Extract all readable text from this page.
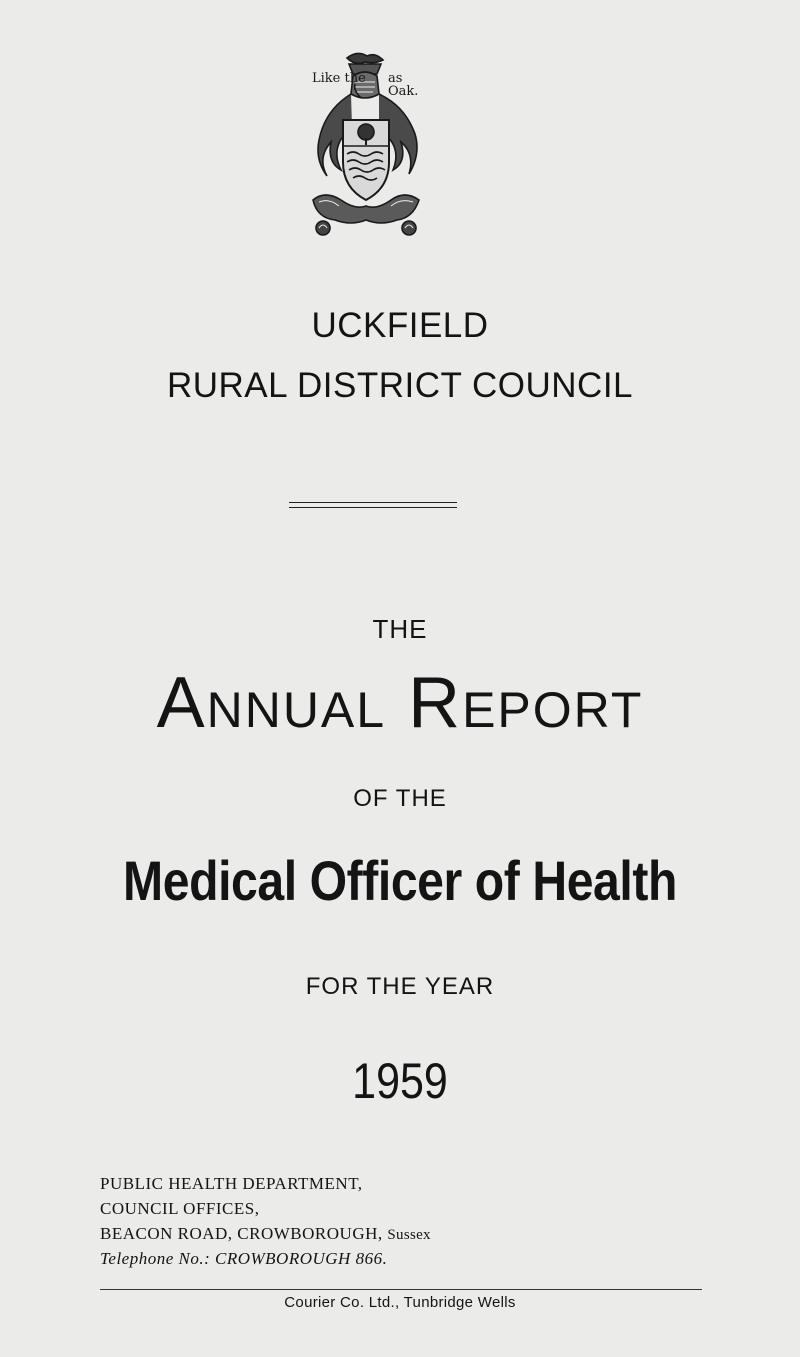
Like the as Oak.
UCKFIELD
RURAL DISTRICT COUNCIL
THE
Annual Report
OF THE
Medical Officer of Health
FOR THE YEAR
1959
PUBLIC HEALTH DEPARTMENT,
COUNCIL OFFICES,
BEACON ROAD, CROWBOROUGH, Sussex
Telephone No.: CROWBOROUGH 866.
Courier Co. Ltd., Tunbridge Wells
